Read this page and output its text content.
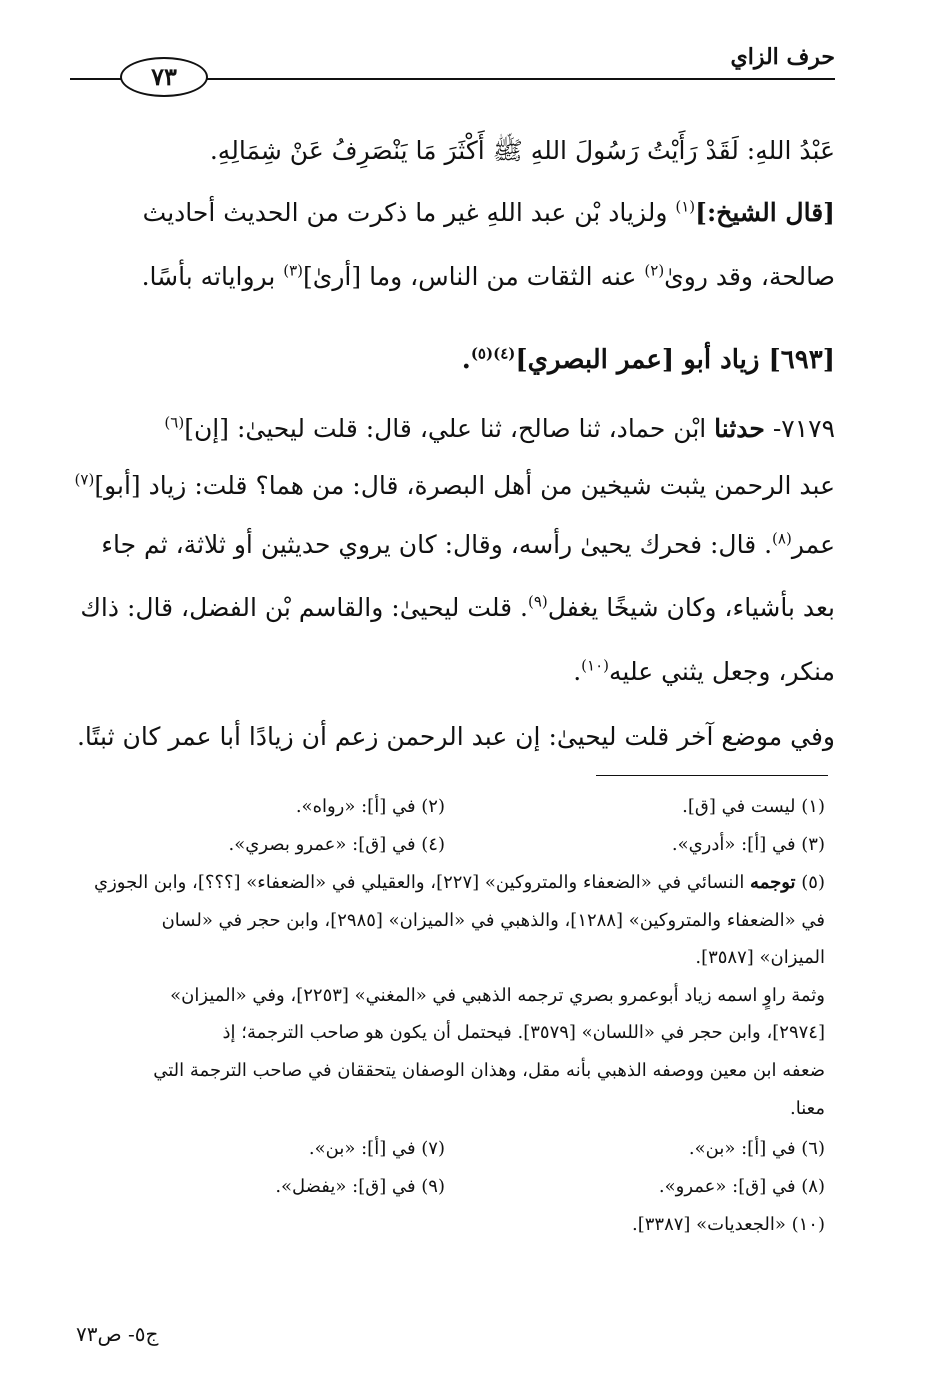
حرف الزاي
٧٣
عَبْدُ اللهِ: لَقَدْ رَأَيْتُ رَسُولَ اللهِ ﷺ أَكْثَرَ مَا يَنْصَرِفُ عَنْ شِمَالِهِ.
[قال الشيخ:]$^{(١)}$ ولزياد بْن عبد اللهِ غير ما ذكرت من الحديث أحاديث
صالحة، وقد روىٰ$^{(٢)}$ عنه الثقات من الناس، وما [أرىٰ]$^{(٣)}$ برواياته بأسًا.
[٦٩٣] زياد أبو [عمر البصري]$^{(٤)(٥)}$.
٧١٧٩- حدثنا ابْن حماد، ثنا صالح، ثنا علي، قال: قلت ليحيىٰ: [إن]$^{(٦)}$
عبد الرحمن يثبت شيخين من أهل البصرة، قال: من هما؟ قلت: زياد [أبو]$^{(٧)}$
عمر$^{(٨)}$. قال: فحرك يحيىٰ رأسه، وقال: كان يروي حديثين أو ثلاثة، ثم جاء
بعد بأشياء، وكان شيخًا يغفل$^{(٩)}$. قلت ليحيىٰ: والقاسم بْن الفضل، قال: ذاك
منكر، وجعل يثني عليه$^{(١٠)}$.
وفي موضع آخر قلت ليحيىٰ: إن عبد الرحمن زعم أن زيادًا أبا عمر كان ثبتًا.
(١) ليست في [ق].
(٢) في [أ]: «رواه».
(٣) في [أ]: «أدري».
(٤) في [ق]: «عمرو بصري».
(٥) توجمه النسائي في «الضعفاء والمتروكين» [٢٢٧]، والعقيلي في «الضعفاء» [؟؟؟]، وابن الجوزي
في «الضعفاء والمتروكين» [١٢٨٨]، والذهبي في «الميزان» [٢٩٨٥]، وابن حجر في «لسان
الميزان» [٣٥٨٧].
وثمة راوٍ اسمه زياد أبوعمرو بصري ترجمه الذهبي في «المغني» [٢٢٥٣]، وفي «الميزان»
[٢٩٧٤]، وابن حجر في «اللسان» [٣٥٧٩]. فيحتمل أن يكون هو صاحب الترجمة؛ إذ
ضعفه ابن معين ووصفه الذهبي بأنه مقل، وهذان الوصفان يتحققان في صاحب الترجمة التي
معنا.
(٦) في [أ]: «بن».
(٧) في [أ]: «بن».
(٨) في [ق]: «عمرو».
(٩) في [ق]: «يفضل».
(١٠) «الجعديات» [٣٣٨٧].
ج٥- ص٧٣
